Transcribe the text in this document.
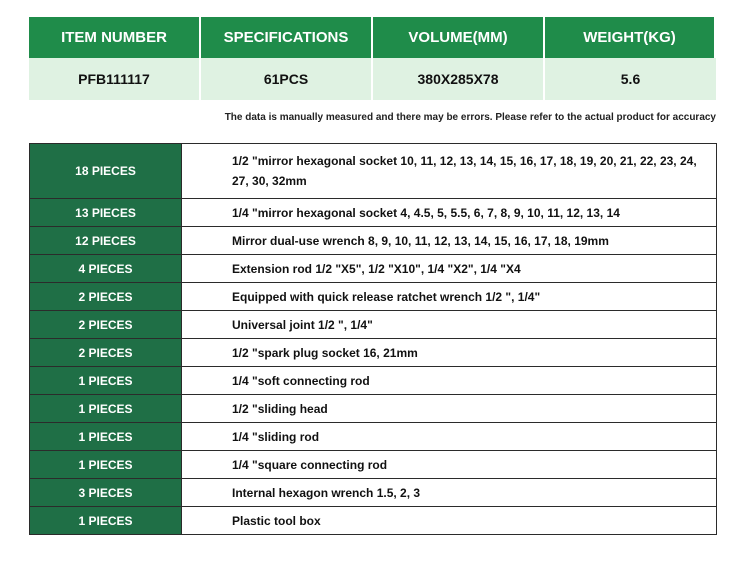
ITEM NUMBER	SPECIFICATIONS	VOLUME(MM)	WEIGHT(KG)
PFB111117	61PCS	380X285X78	5.6
The data is manually measured and there may be errors. Please refer to the actual product for accuracy
18 PIECES	1/2 "mirror hexagonal socket 10, 11, 12, 13, 14, 15, 16, 17, 18, 19, 20, 21, 22, 23, 24, 27, 30, 32mm
13 PIECES	1/4 "mirror hexagonal socket 4, 4.5, 5, 5.5, 6, 7, 8, 9, 10, 11, 12, 13, 14
12 PIECES	Mirror dual-use wrench 8, 9, 10, 11, 12, 13, 14, 15, 16, 17, 18, 19mm
4 PIECES	Extension rod 1/2 "X5", 1/2 "X10", 1/4 "X2", 1/4 "X4
2 PIECES	Equipped with quick release ratchet wrench 1/2 ", 1/4"
2 PIECES	Universal joint 1/2 ", 1/4"
2 PIECES	1/2 "spark plug socket 16, 21mm
1 PIECES	1/4 "soft connecting rod
1 PIECES	1/2 "sliding head
1 PIECES	1/4 "sliding rod
1 PIECES	1/4 "square connecting rod
3 PIECES	Internal hexagon wrench 1.5, 2, 3
1 PIECES	Plastic tool box
